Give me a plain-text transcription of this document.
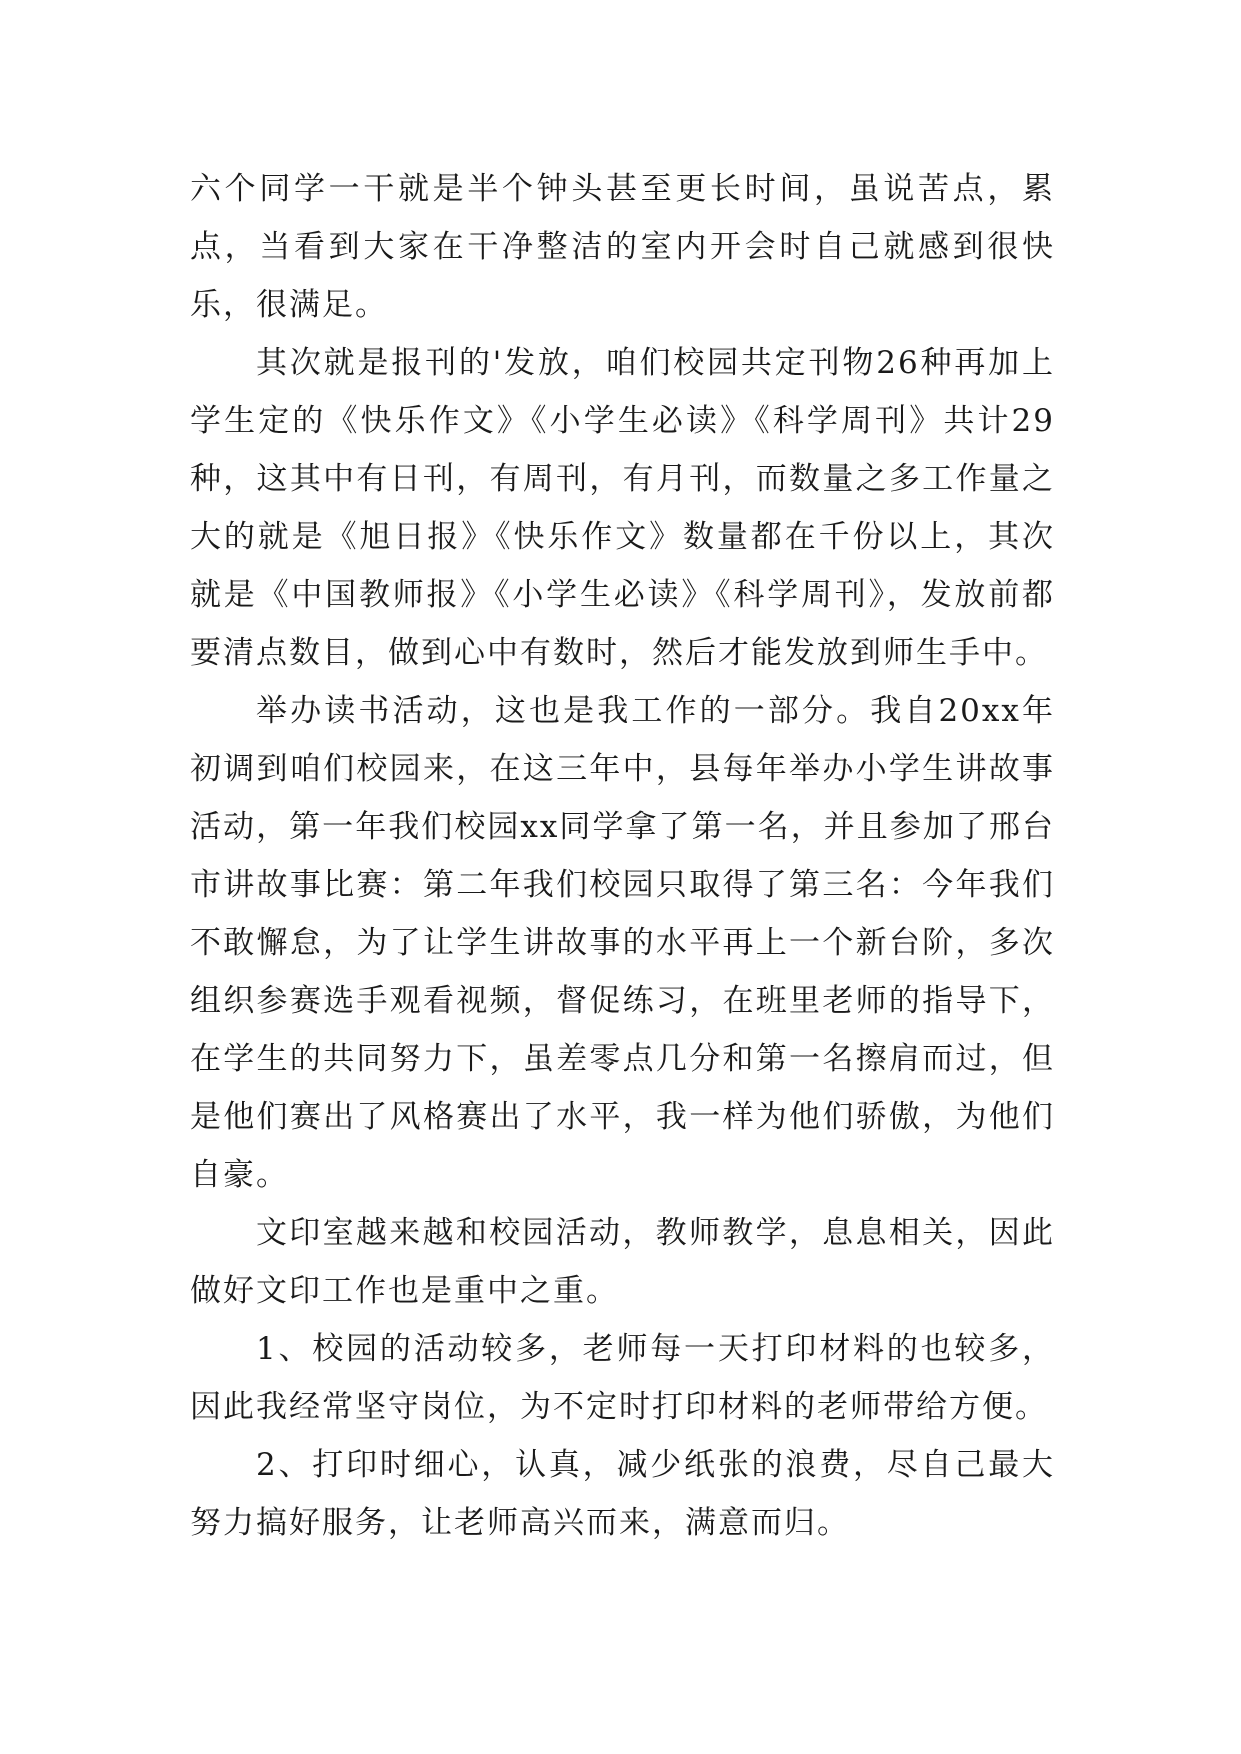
六个同学一干就是半个钟头甚至更长时间，虽说苦点，累点，当看到大家在干净整洁的室内开会时自己就感到很快乐，很满足。

其次就是报刊的'发放，咱们校园共定刊物26种再加上学生定的《快乐作文》《小学生必读》《科学周刊》共计29种，这其中有日刊，有周刊，有月刊，而数量之多工作量之大的就是《旭日报》《快乐作文》数量都在千份以上，其次就是《中国教师报》《小学生必读》《科学周刊》，发放前都要清点数目，做到心中有数时，然后才能发放到师生手中。

举办读书活动，这也是我工作的一部分。我自20xx年初调到咱们校园来，在这三年中，县每年举办小学生讲故事活动，第一年我们校园xx同学拿了第一名，并且参加了邢台市讲故事比赛：第二年我们校园只取得了第三名：今年我们不敢懈怠，为了让学生讲故事的水平再上一个新台阶，多次组织参赛选手观看视频，督促练习，在班里老师的指导下，在学生的共同努力下，虽差零点几分和第一名擦肩而过，但是他们赛出了风格赛出了水平，我一样为他们骄傲，为他们自豪。

文印室越来越和校园活动，教师教学，息息相关，因此做好文印工作也是重中之重。

1、校园的活动较多，老师每一天打印材料的也较多，因此我经常坚守岗位，为不定时打印材料的老师带给方便。

2、打印时细心，认真，减少纸张的浪费，尽自己最大努力搞好服务，让老师高兴而来，满意而归。
